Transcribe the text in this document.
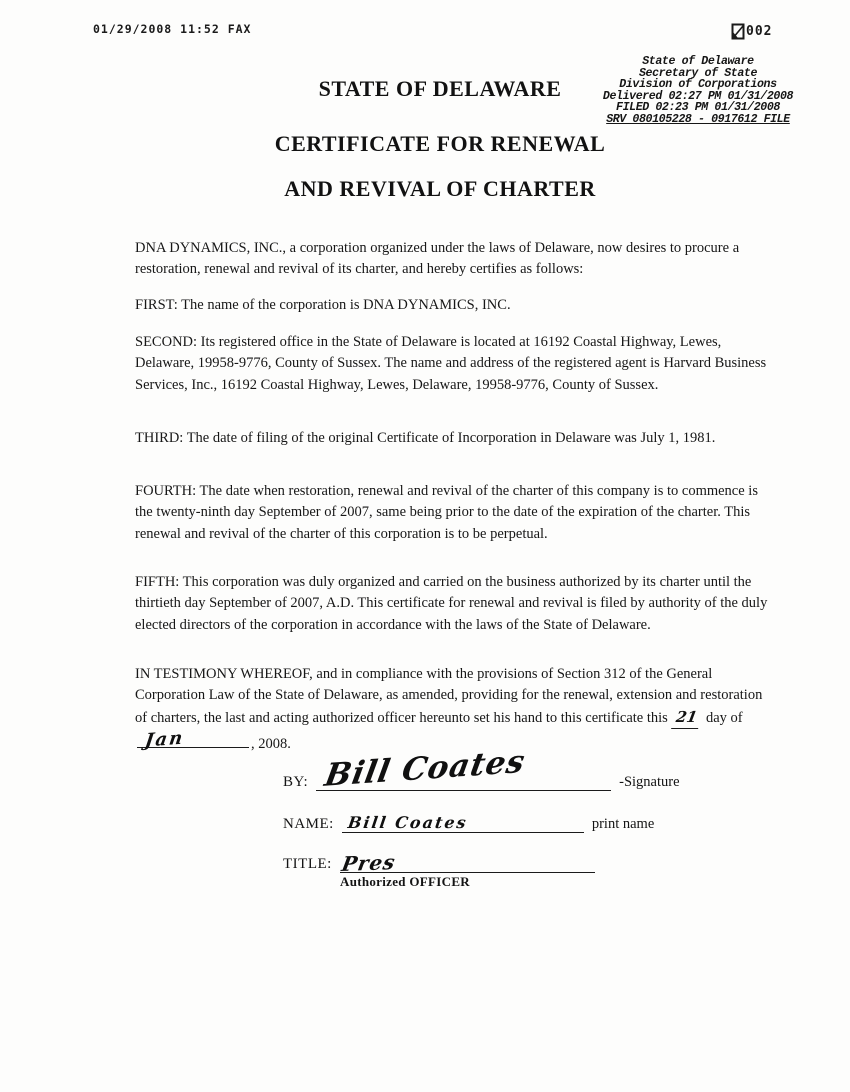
01/29/2008 11:52 FAX	002
State of Delaware
Secretary of State
Division of Corporations
Delivered 02:27 PM 01/31/2008
FILED 02:23 PM 01/31/2008
SRV 080105228 - 0917612 FILE
STATE OF DELAWARE
CERTIFICATE FOR RENEWAL
AND REVIVAL OF CHARTER
DNA DYNAMICS, INC., a corporation organized under the laws of Delaware, now desires to procure a restoration, renewal and revival of its charter, and hereby certifies as follows:
FIRST: The name of the corporation is DNA DYNAMICS, INC.
SECOND: Its registered office in the State of Delaware is located at 16192 Coastal Highway, Lewes, Delaware, 19958-9776, County of Sussex. The name and address of the registered agent is Harvard Business Services, Inc., 16192 Coastal Highway, Lewes, Delaware, 19958-9776, County of Sussex.
THIRD: The date of filing of the original Certificate of Incorporation in Delaware was July 1, 1981.
FOURTH: The date when restoration, renewal and revival of the charter of this company is to commence is the twenty-ninth day September of 2007, same being prior to the date of the expiration of the charter. This renewal and revival of the charter of this corporation is to be perpetual.
FIFTH: This corporation was duly organized and carried on the business authorized by its charter until the thirtieth day September of 2007, A.D. This certificate for renewal and revival is filed by authority of the duly elected directors of the corporation in accordance with the laws of the State of Delaware.
IN TESTIMONY WHEREOF, and in compliance with the provisions of Section 312 of the General Corporation Law of the State of Delaware, as amended, providing for the renewal, extension and restoration of charters, the last and acting authorized officer hereunto set his hand to this certificate this 21 day of
Jan	, 2008.
BY: Bill Coates	-Signature
NAME: Bill Coates	print name
TITLE: Pres
Authorized OFFICER
